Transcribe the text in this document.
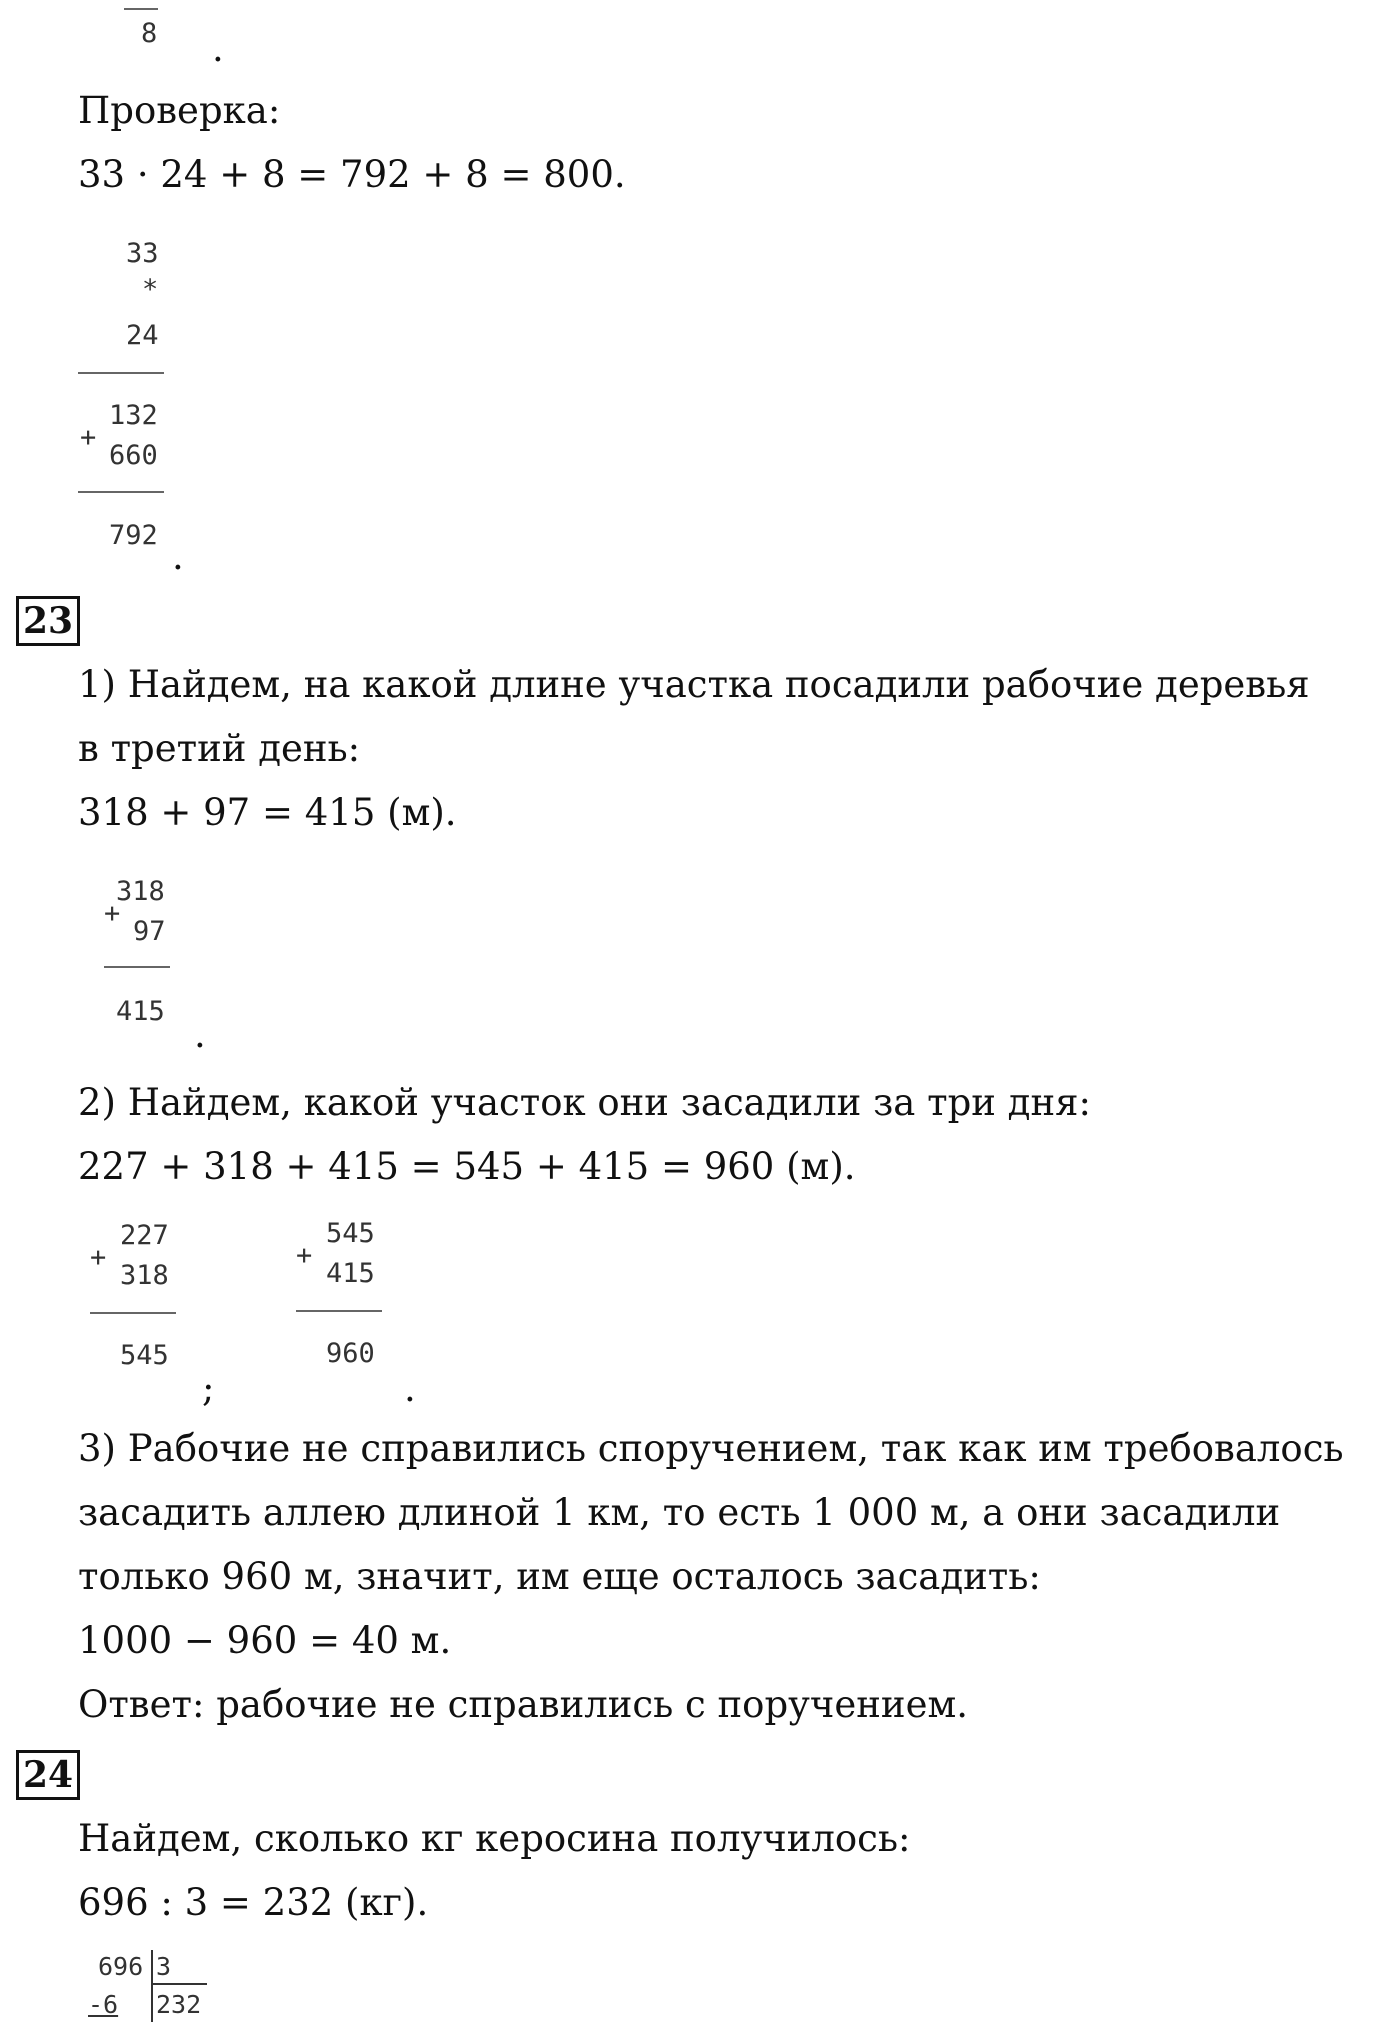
8 .
Проверка:
33 · 24 + 8 = 792 + 8 = 800.
33
*
24
+
132
660
792 .
23
1) Найдем, на какой длине участка посадили рабочие деревья
в третий день:
318 + 97 = 415 (м).
+
318
97
415
.
2) Найдем, какой участок они засадили за три дня:
227 + 318 + 415 = 545 + 415 = 960 (м).
+
227
318
545
;
+
545
415
960
.
3) Рабочие не справились споручением, так как им требовалось
засадить аллею длиной 1 км, то есть 1 000 м, а они засадили
только 960 м, значит, им еще осталось засадить:
1000 − 960 = 40 м.
Ответ: рабочие не справились с поручением.
24
Найдем, сколько кг керосина получилось:
696 : 3 = 232 (кг).
696 3
-6 232
